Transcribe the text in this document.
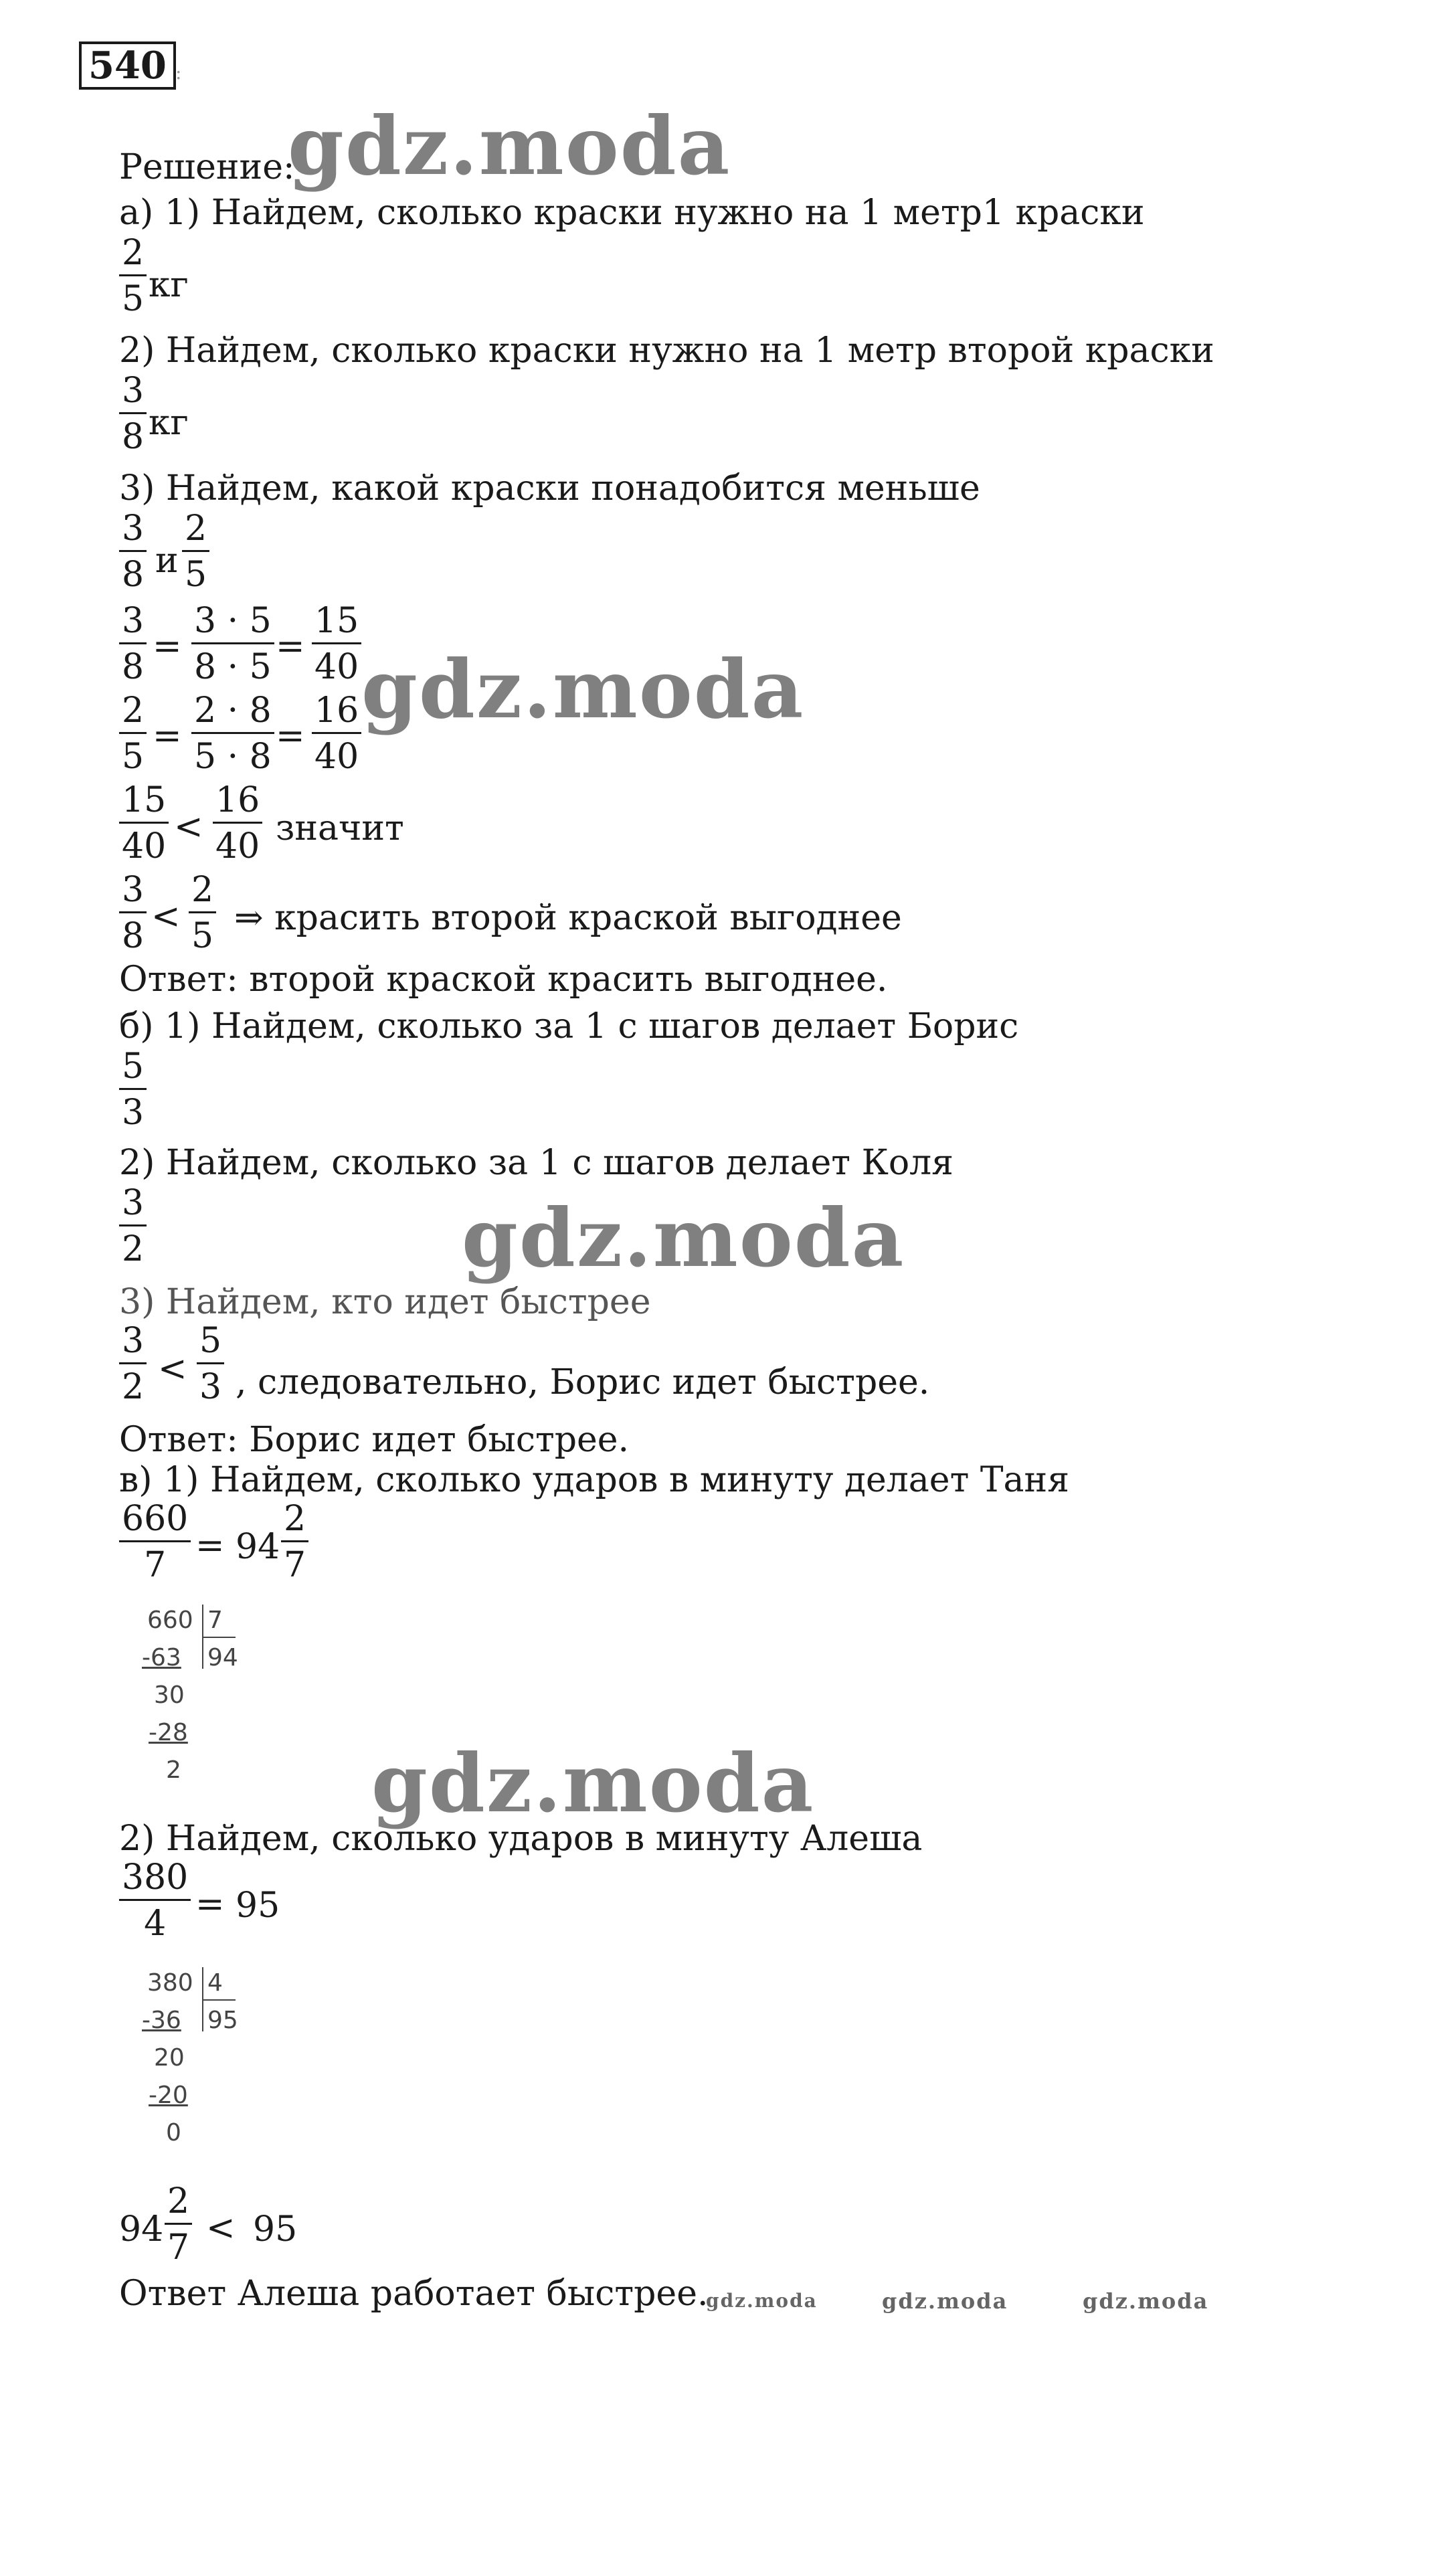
540 :
gdz.moda
gdz.moda
gdz.moda
gdz.moda
gdz.moda	gdz.moda	gdz.moda
Решение:
а) 1) Найдем, сколько краски нужно на 1 метр1 краски
2
5 кг
2) Найдем, сколько краски нужно на 1 метр второй краски
3
8 кг
3) Найдем, какой краски понадобится меньше
3
8 и
2
5
3
8
=
3 · 5
8 · 5
=
15
40
2
5
=
2 · 8
5 · 8
=
16
40
15
40 <
16
40 значит
3
8 <
2
5 ⇒ красить второй краской выгоднее
Ответ: второй краской красить выгоднее.
б) 1) Найдем, сколько за 1 с шагов делает Борис
5
3
2) Найдем, сколько за 1 с шагов делает Коля
3
2
3) Найдем, кто идет быстрее
3
2 <
5
3 , следовательно, Борис идет быстрее.
Ответ: Борис идет быстрее.
в) 1) Найдем, сколько ударов в минуту делает Таня
660
7 = 94
2
7
660 7
-63 94
30
-28
2
2) Найдем, сколько ударов в минуту Алеша
380
4 = 95
380 4
-36 95
20
-20
0
94
2
7 < 95
Ответ Алеша работает быстрее.
